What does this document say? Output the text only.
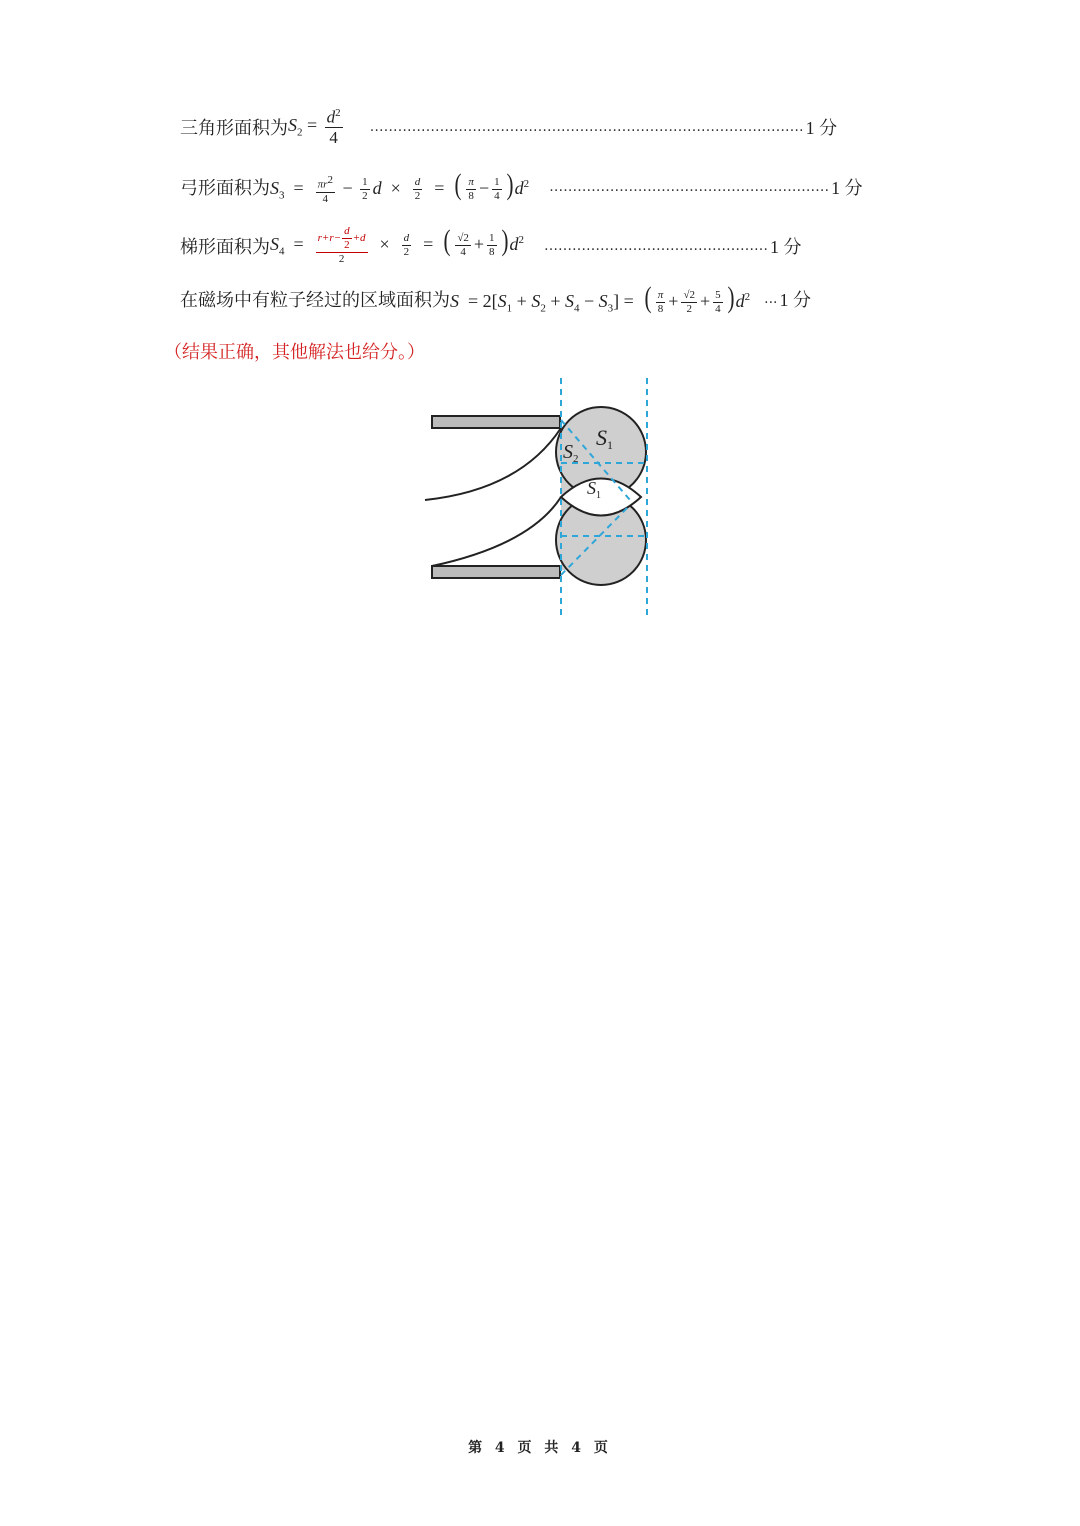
三角形面积为 $S_2 = \frac{d^2}{4}$ ………………………………………………………………………………… 1 分
弓形面积为 $S_3 = \frac{\pi r^2}{4} - \frac{1}{2}$ $d \times \frac{d}{2}$ =  ( $\frac{\pi}{8} - \frac{1}{4} )d^2$ …………………………………………………… 1 分
梯形面积为 $S_4 = \frac{r+r- \frac{d}{2} +d}{2} \times \frac{d}{2}$ =  ( $\frac{√2}{4} + \frac{1}{8} )d^2$ ………………………………………… 1 分
在磁场中有粒子经过的区域面积为 $S = 2[S_1 + S_2 + S_4 - S_3]$ =  ( $\frac{\pi}{8} + \frac{√2}{2} + \frac{5}{4} )d^2$ ... 1 分
（结果正确，其他解法也给分。）
S1
$S_2$
$S_1$
第 4 页 共 4 页
